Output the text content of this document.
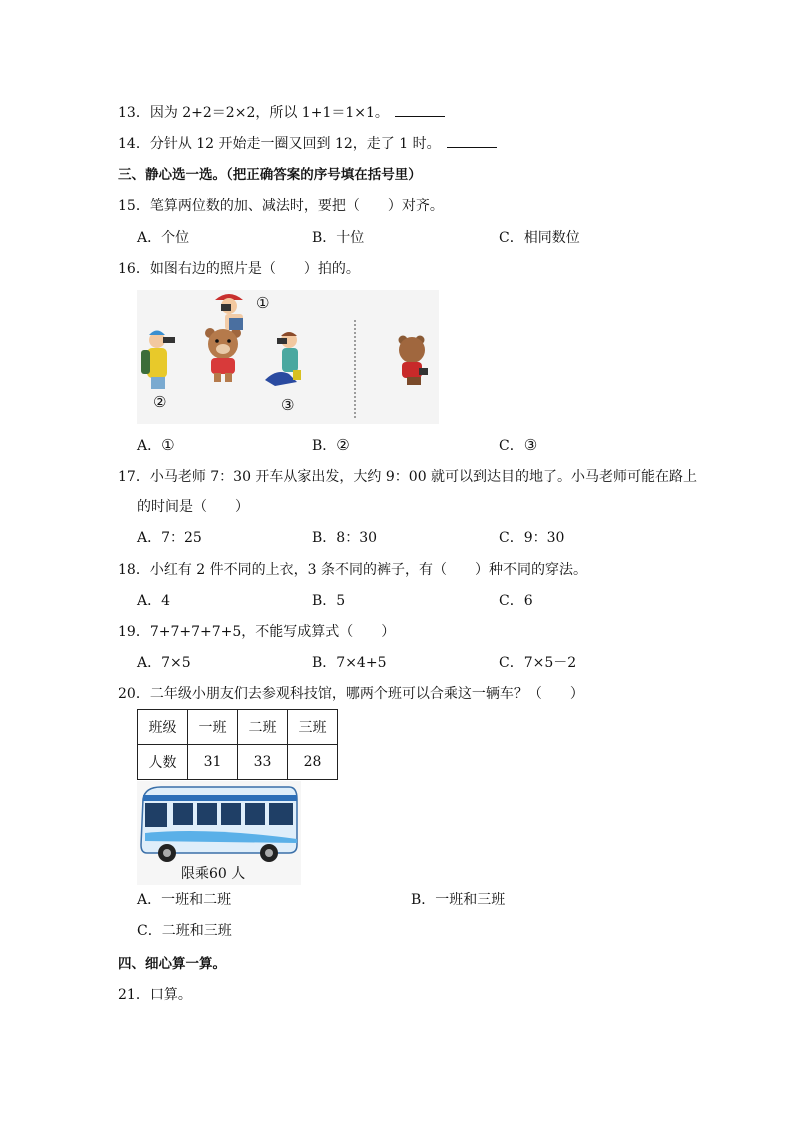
13．因为 2+2＝2×2，所以 1+1＝1×1。
14．分针从 12 开始走一圈又回到 12，走了 1 时。
三、静心选一选。（把正确答案的序号填在括号里）
15．笔算两位数的加、减法时，要把（　　）对齐。
A．个位	B．十位	C．相同数位
16．如图右边的照片是（　　）拍的。
①
②	③
A．①	B．②	C．③
17．小马老师 7：30 开车从家出发，大约 9：00 就可以到达目的地了。小马老师可能在路上
的时间是（　　）
A．7：25	B．8：30	C．9：30
18．小红有 2 件不同的上衣，3 条不同的裤子，有（　　）种不同的穿法。
A．4	B．5	C．6
19．7+7+7+7+5，不能写成算式（　　）
A．7×5	B．7×4+5	C．7×5－2
20．二年级小朋友们去参观科技馆，哪两个班可以合乘这一辆车？（　　）
班级	一班	二班	三班
人数	31	33	28
限乘60 人
A．一班和二班	B．一班和三班
C．二班和三班
四、细心算一算。
21．口算。
